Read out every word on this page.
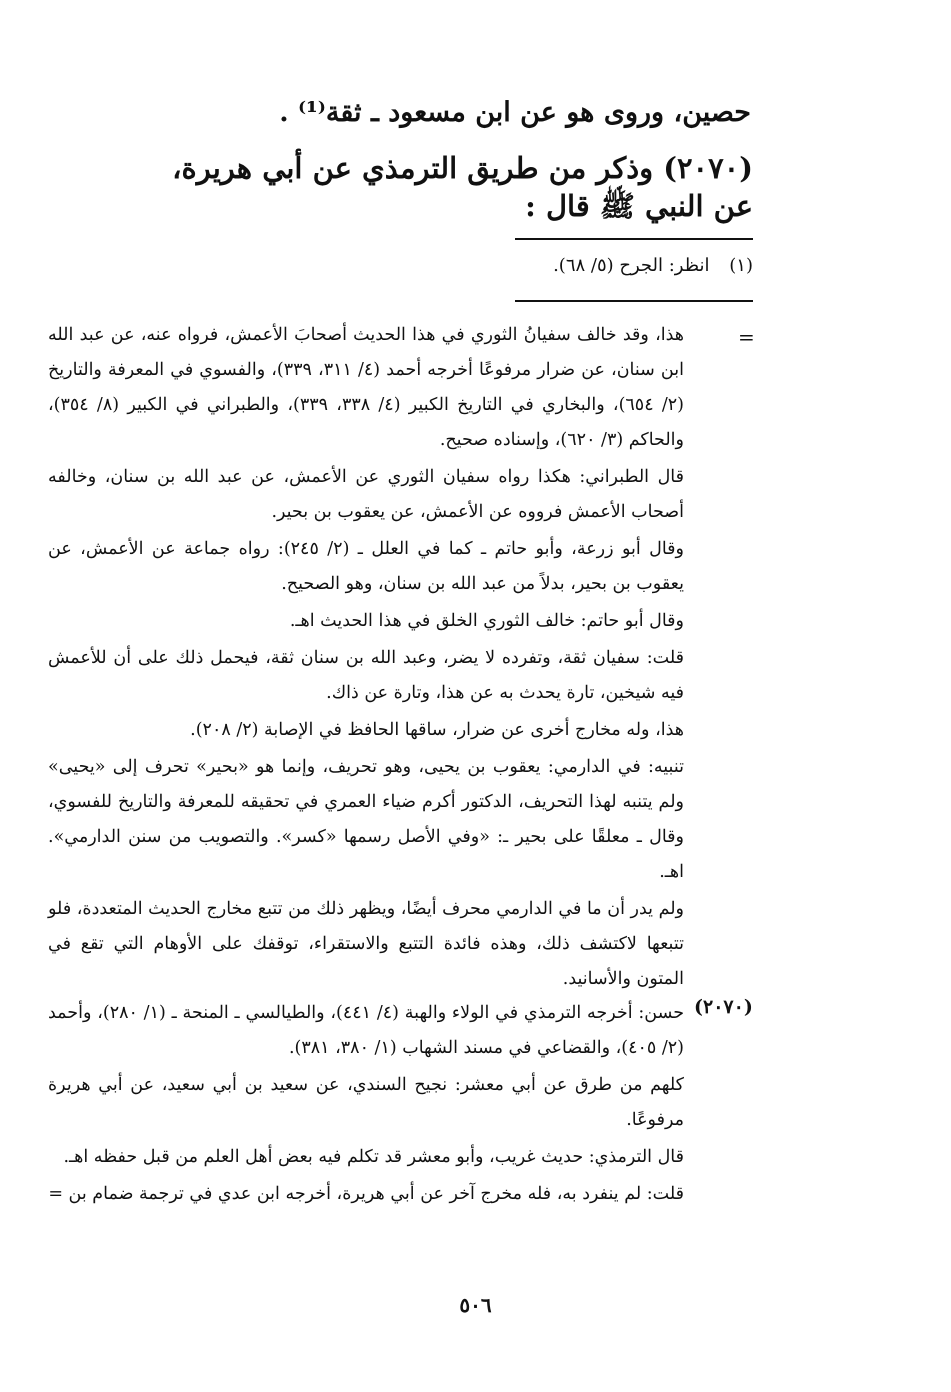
حصين، وروى هو عن ابن مسعود ـ ثقة⁽¹⁾ .
(٢٠٧٠) وذكر من طريق الترمذي عن أبي هريرة، عن النبي ﷺ قال :
(١) انظر: الجرح (٥/ ٦٨).
=

هذا، وقد خالف سفيانُ الثوري في هذا الحديث أصحابَ الأعمش، فرواه عنه، عن عبد الله ابن سنان، عن ضرار مرفوعًا أخرجه أحمد (٤/ ٣١١، ٣٣٩)، والفسوي في المعرفة والتاريخ (٢/ ٦٥٤)، والبخاري في التاريخ الكبير (٤/ ٣٣٨، ٣٣٩)، والطبراني في الكبير (٨/ ٣٥٤)، والحاكم (٣/ ٦٢٠)، وإسناده صحيح.

قال الطبراني: هكذا رواه سفيان الثوري عن الأعمش، عن عبد الله بن سنان، وخالفه أصحاب الأعمش فرووه عن الأعمش، عن يعقوب بن بحير.

وقال أبو زرعة، وأبو حاتم ـ كما في العلل ـ (٢/ ٢٤٥): رواه جماعة عن الأعمش، عن يعقوب بن بحير، بدلاً من عبد الله بن سنان، وهو الصحيح.

وقال أبو حاتم: خالف الثوري الخلق في هذا الحديث اهـ.

قلت: سفيان ثقة، وتفرده لا يضر، وعبد الله بن سنان ثقة، فيحمل ذلك على أن للأعمش فيه شيخين، تارة يحدث به عن هذا، وتارة عن ذاك.

هذا، وله مخارج أخرى عن ضرار، ساقها الحافظ في الإصابة (٢/ ٢٠٨).

تنبيه: في الدارمي: يعقوب بن يحيى، وهو تحريف، وإنما هو «بحير» تحرف إلى «يحيى» ولم يتنبه لهذا التحريف، الدكتور أكرم ضياء العمري في تحقيقه للمعرفة والتاريخ للفسوي، وقال ـ معلقًا على بحير ـ: «وفي الأصل رسمها «كسر». والتصويب من سنن الدارمي». اهـ.

ولم يدر أن ما في الدارمي محرف أيضًا، ويظهر ذلك من تتبع مخارج الحديث المتعددة، فلو تتبعها لاكتشف ذلك، وهذه فائدة التتبع والاستقراء، توقفك على الأوهام التي تقع في المتون والأسانيد.

(٢٠٧٠)

حسن: أخرجه الترمذي في الولاء والهبة (٤/ ٤٤١)، والطيالسي ـ المنحة ـ (١/ ٢٨٠)، وأحمد (٢/ ٤٠٥)، والقضاعي في مسند الشهاب (١/ ٣٨٠، ٣٨١).

كلهم من طرق عن أبي معشر: نجيح السندي، عن سعيد بن أبي سعيد، عن أبي هريرة مرفوعًا.

قال الترمذي: حديث غريب، وأبو معشر قد تكلم فيه بعض أهل العلم من قبل حفظه اهـ.

قلت: لم ينفرد به، فله مخرج آخر عن أبي هريرة، أخرجه ابن عدي في ترجمة ضمام بن =

٥٠٦
